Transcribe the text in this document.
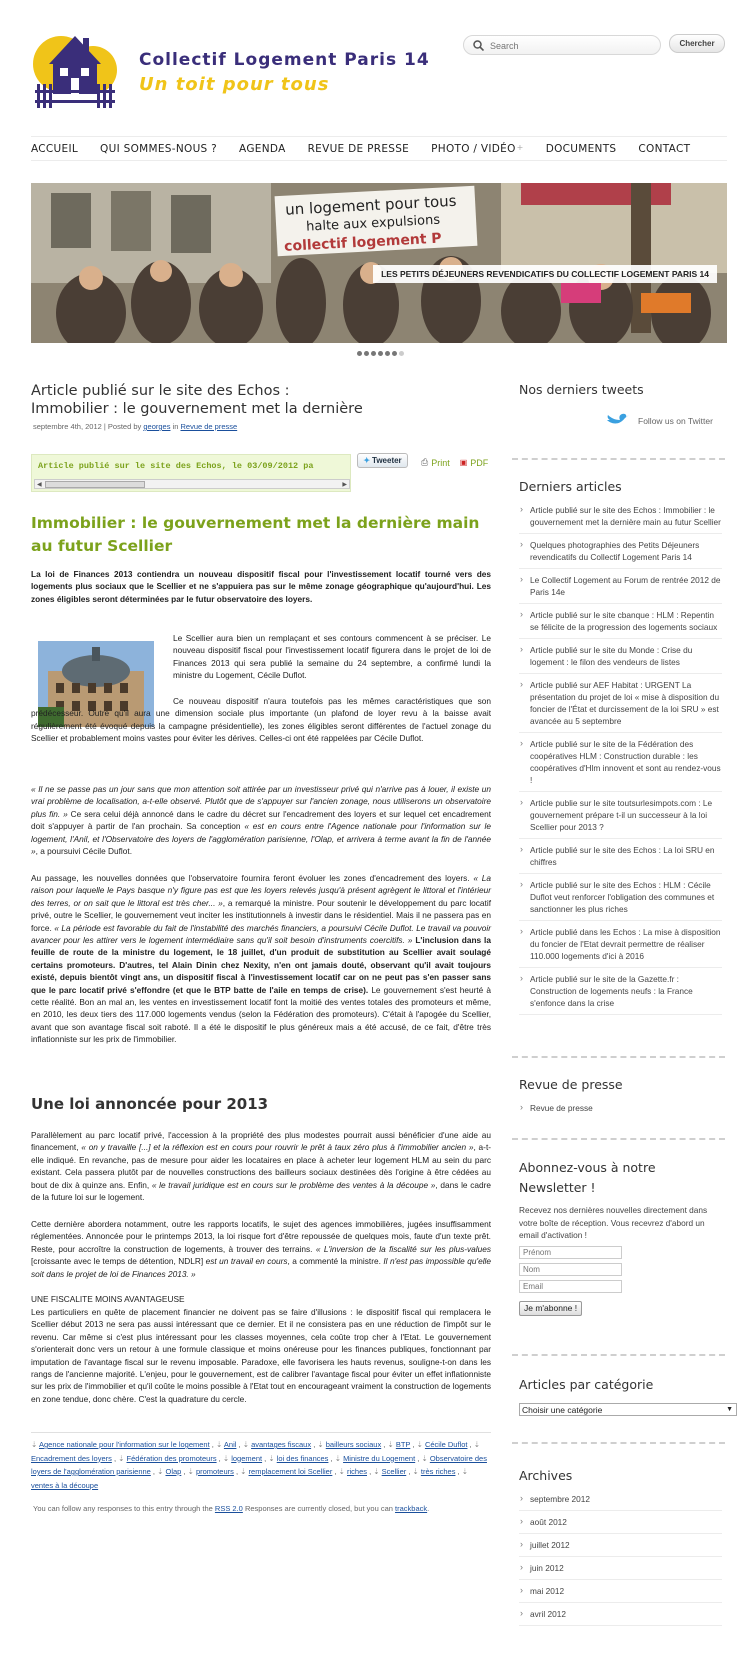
Collectif Logement Paris 14
Un toit pour tous
Search
Chercher
ACCUEIL QUI SOMMES-NOUS ? AGENDA REVUE DE PRESSE PHOTO / VIDÉO +	DOCUMENTS CONTACT
un logement pour tous
halte aux expulsions
collectif logement P
LES PETITS DÉJEUNERS REVENDICATIFS DU COLLECTIF LOGEMENT PARIS 14
Article publié sur le site des Echos :
Immobilier : le gouvernement met la dernière
septembre 4th, 2012 | Posted by georges in Revue de presse
Article publié sur le site des Echos, le 03/09/2012 pa
◀	▶
✦ Tweeter ⎙ Print ▣ PDF
Immobilier : le gouvernement met la dernière main au futur Scellier

La loi de Finances 2013 contiendra un nouveau dispositif fiscal pour l'investissement locatif tourné vers des logements plus sociaux que le Scellier et ne s'appuiera pas sur le même zonage géographique qu'aujourd'hui. Les zones éligibles seront déterminées par le futur observatoire des loyers.

Le Scellier aura bien un remplaçant et ses contours commencent à se préciser. Le nouveau dispositif fiscal pour l'investissement locatif figurera dans le projet de loi de Finances 2013 qui sera publié la semaine du 24 septembre, a confirmé lundi la ministre du Logement, Cécile Duflot.

Ce nouveau dispositif n'aura toutefois pas les mêmes caractéristiques que son prédécesseur. Outre qu'il aura une dimension sociale plus importante (un plafond de loyer revu à la baisse avait régulièrement été évoqué depuis la campagne présidentielle), les zones éligibles seront différentes de l'actuel zonage du Scellier et probablement moins vastes pour éviter les dérives. Celles-ci ont été rappelées par Cécile Duflot.

« Il ne se passe pas un jour sans que mon attention soit attirée par un investisseur privé qui n'arrive pas à louer, il existe un vrai problème de localisation, a-t-elle observé. Plutôt que de s'appuyer sur l'ancien zonage, nous utiliserons un observatoire plus fin. » Ce sera celui déjà annoncé dans le cadre du décret sur l'encadrement des loyers et sur lequel cet encadrement doit s'appuyer à partir de l'an prochain. Sa conception « est en cours entre l'Agence nationale pour l'information sur le logement, l'Anil, et l'Observatoire des loyers de l'agglomération parisienne, l'Olap, et arrivera à terme avant la fin de l'année », a poursuivi Cécile Duflot.

Au passage, les nouvelles données que l'observatoire fournira feront évoluer les zones d'encadrement des loyers. « La raison pour laquelle le Pays basque n'y figure pas est que les loyers relevés jusqu'à présent agrègent le littoral et l'intérieur des terres, or on sait que le littoral est très cher... », a remarqué la ministre. Pour soutenir le développement du parc locatif privé, outre le Scellier, le gouvernement veut inciter les institutionnels à investir dans le résidentiel. Mais il ne passera pas en force. « La période est favorable du fait de l'instabilité des marchés financiers, a poursuivi Cécile Duflot. Le travail va pouvoir avancer pour les attirer vers le logement intermédiaire sans qu'il soit besoin d'instruments coercitifs. » L'inclusion dans la feuille de route de la ministre du logement, le 18 juillet, d'un produit de substitution au Scellier avait soulagé certains promoteurs. D'autres, tel Alain Dinin chez Nexity, n'en ont jamais douté, observant qu'il avait toujours existé, depuis bientôt vingt ans, un dispositif fiscal à l'investissement locatif car on ne peut pas s'en passer sans que le parc locatif privé s'effondre (et que le BTP batte de l'aile en temps de crise). Le gouvernement s'est heurté à cette réalité. Bon an mal an, les ventes en investissement locatif font la moitié des ventes totales des promoteurs et même, en 2010, les deux tiers des 117.000 logements vendus (selon la Fédération des promoteurs). C'était à l'apogée du Scellier, avant que son avantage fiscal soit raboté. Il a été le dispositif le plus généreux mais a été accusé, de ce fait, d'être très inflationniste sur les prix de l'immobilier.

Une loi annoncée pour 2013

Parallèlement au parc locatif privé, l'accession à la propriété des plus modestes pourrait aussi bénéficier d'une aide au financement, « on y travaille [...] et la réflexion est en cours pour rouvrir le prêt à taux zéro plus à l'immobilier ancien », a-t-elle indiqué. En revanche, pas de mesure pour aider les locataires en place à acheter leur logement HLM au sein du parc existant. Cela passera plutôt par de nouvelles constructions des bailleurs sociaux destinées dès l'origine à être cédées au bout de dix à quinze ans. Enfin, « le travail juridique est en cours sur le problème des ventes à la découpe », dans le cadre de la future loi sur le logement.

Cette dernière abordera notamment, outre les rapports locatifs, le sujet des agences immobilières, jugées insuffisamment réglementées. Annoncée pour le printemps 2013, la loi risque fort d'être repoussée de quelques mois, faute d'un texte prêt. Reste, pour accroître la construction de logements, à trouver des terrains. « L'inversion de la fiscalité sur les plus-values [croissante avec le temps de détention, NDLR] est un travail en cours, a commenté la ministre. Il n'est pas impossible qu'elle soit dans le projet de loi de Finances 2013. »

UNE FISCALITE MOINS AVANTAGEUSE

Les particuliers en quête de placement financier ne doivent pas se faire d'illusions : le dispositif fiscal qui remplacera le Scellier début 2013 ne sera pas aussi intéressant que ce dernier. Et il ne consistera pas en une réduction de l'impôt sur le revenu. Car même si c'est plus intéressant pour les classes moyennes, cela coûte trop cher à l'Etat. Le gouvernement s'orienterait donc vers un retour à une formule classique et moins onéreuse pour les finances publiques, fonctionnant par imputation de l'avantage fiscal sur le revenu imposable. Paradoxe, elle favorisera les hauts revenus, souligne-t-on dans les rangs de l'ancienne majorité. L'enjeu, pour le gouvernement, est de calibrer l'avantage fiscal pour éviter un effet inflationniste sur les prix de l'immobilier et qu'il coûte le moins possible à l'Etat tout en encourageant vraiment la construction de logements en zone tendue, donc chère. C'est la quadrature du cercle.

⇣ Agence nationale pour l'information sur le logement , ⇣ Anil , ⇣ avantages fiscaux , ⇣ bailleurs sociaux , ⇣ BTP , ⇣ Cécile Duflot , ⇣ Encadrement des loyers , ⇣ Fédération des promoteurs , ⇣ logement , ⇣ loi des finances , ⇣ Ministre du Logement , ⇣ Observatoire des loyers de l'agglomération parisienne , ⇣ Olap , ⇣ promoteurs , ⇣ remplacement loi Scellier , ⇣ riches , ⇣ Scellier , ⇣ très riches , ⇣ ventes à la découpe
You can follow any responses to this entry through the RSS 2.0 Responses are currently closed, but you can trackback.
Nos derniers tweets
Follow us on Twitter
Derniers articles
› Article publié sur le site des Echos : Immobilier : le gouvernement met la dernière main au futur Scellier
› Quelques photographies des Petits Déjeuners revendicatifs du Collectif Logement Paris 14
› Le Collectif Logement au Forum de rentrée 2012 de Paris 14e
› Article publié sur le site cbanque : HLM : Repentin se félicite de la progression des logements sociaux
› Article publié sur le site du Monde : Crise du logement : le filon des vendeurs de listes
› Article publié sur AEF Habitat : URGENT La présentation du projet de loi « mise à disposition du foncier de l'État et durcissement de la loi SRU » est avancée au 5 septembre
› Article publié sur le site de la Fédération des coopératives HLM : Construction durable : les coopératives d'Hlm innovent et sont au rendez-vous !
› Article publie sur le site toutsurlesimpots.com : Le gouvernement prépare t-il un successeur à la loi Scellier pour 2013 ?
› Article publié sur le site des Echos : La loi SRU en chiffres
› Article publié sur le site des Echos : HLM : Cécile Duflot veut renforcer l'obligation des communes et sanctionner les plus riches
› Article publié dans les Echos : La mise à disposition du foncier de l'Etat devrait permettre de réaliser 110.000 logements d'ici à 2016
› Article publié sur le site de la Gazette.fr : Construction de logements neufs : la France s'enfonce dans la crise
Revue de presse
› Revue de presse
Abonnez-vous à notre
Newsletter !

Recevez nos dernières nouvelles directement dans votre boîte de réception. Vous recevrez d'abord un email d'activation !

Prénom
Nom
Email Je m'abonne !
Articles par catégorie
Choisir une catégorie	▼
Archives
› septembre 2012
› août 2012
› juillet 2012
› juin 2012
› mai 2012
› avril 2012
